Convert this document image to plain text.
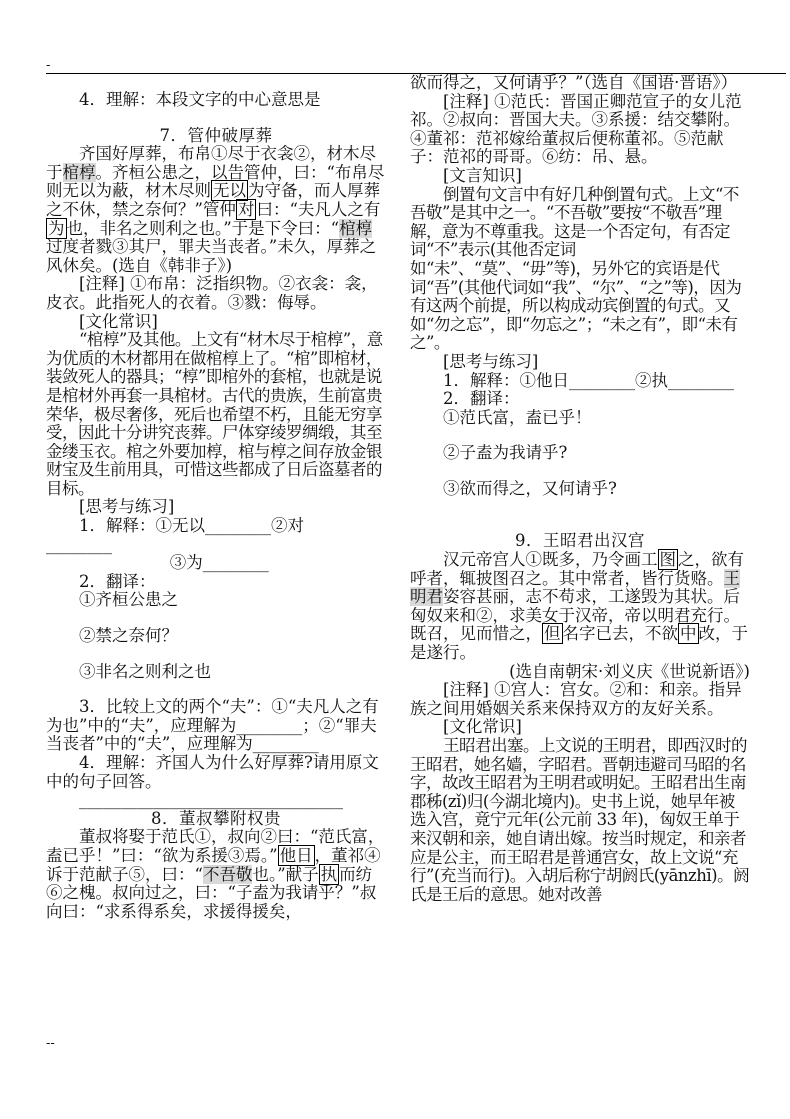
-
--

4．理解：本段文字的中心意思是

7．管仲破厚葬

齐国好厚葬，布帛①尽于衣衾②，材木尽于棺椁。齐桓公患之，以告管仲，曰：“布帛尽则无以为蔽，材木尽则 无以 为守备，而人厚葬之不休，禁之奈何？”管仲 对 曰：“夫凡人之有为 也，非名之则利之也。”于是下令曰：“棺椁过度者戮③其尸，罪夫当丧者。”未久，厚葬之风休矣。(选自《韩非子》)

[注释] ①布帛：泛指织物。②衣衾：衾，皮衣。此指死人的衣着。③戮：侮辱。

[文化常识]

“棺椁”及其他。上文有“材木尽于棺椁”，意为优质的木材都用在做棺椁上了。“棺”即棺材，装敛死人的器具；“椁”即棺外的套棺，也就是说是棺材外再套一具棺材。古代的贵族，生前富贵荣华，极尽奢侈，死后也希望不朽，且能无穷享受，因此十分讲究丧葬。尸体穿绫罗绸缎，其至金缕玉衣。棺之外要加椁，棺与椁之间存放金银财宝及生前用具，可惜这些都成了日后盗墓者的目标。

[思考与练习]

1．解释：①无以________②对

________

③为________

2．翻译：

①齐桓公患之

②禁之奈何？

③非名之则利之也

3．比较上文的两个“夫”：①“夫凡人之有为也”中的“夫”，应理解为________；②“罪夫当丧者”中的“夫”，应理解为________

4．理解：齐国人为什么好厚葬?请用原文中的句子回答。

________________________________

8．董叔攀附权贵

董叔将娶于范氏①，叔向②曰：“范氏富，盍已乎！”曰：“欲为系援③焉。” 他日 ，董祁④诉于范献子⑤，曰：“不吾敬也。”献子 执 而纺⑥之槐。叔向过之，曰：“子盍为我请乎？”叔向曰：“求系得系矣，求援得援矣，

欲而得之，又何请乎？”（选自《国语·晋语》）

[注释] ①范氏：晋国正卿范宣子的女儿范祁。②叔向：晋国大夫。③系援：结交攀附。④董祁：范祁嫁给董叔后便称董祁。⑤范献子：范祁的哥哥。⑥纺：吊、悬。

[文言知识]

倒置句文言中有好几种倒置句式。上文“不吾敬”是其中之一。“不吾敬”要按“不敬吾”理解，意为不尊重我。这是一个否定句，有否定词“不”表示(其他否定词如“未”、“莫”、“毋”等)，另外它的宾语是代词“吾”(其他代词如“我”、“尔”、“之”等)，因为有这两个前提，所以构成动宾倒置的句式。又如“勿之忘”，即“勿忘之”；“未之有”，即“未有之”。

[思考与练习]

1．解释：①他日________②执________

2．翻译：

①范氏富，盍已乎！

②子盍为我请乎?

③欲而得之，又何请乎?

9．王昭君出汉宫

汉元帝宫人①既多，乃令画工 图 之，欲有呼者，辄披图召之。其中常者，皆行货赂。王明君姿容甚丽，志不苟求，工遂毁为其状。后匈奴来和②，求美女于汉帝，帝以明君充行。既召，见而惜之， 但 名字已去，不欲 中 改，于是遂行。

(选自南朝宋·刘义庆《世说新语》)

[注释] ①宫人：宫女。②和：和亲。指异族之间用婚姻关系来保持双方的友好关系。

[文化常识]

王昭君出塞。上文说的王明君，即西汉时的王昭君，她名嫱，字昭君。晋朝违避司马昭的名字，故改王昭君为王明君或明妃。王昭君出生南郡秭(zǐ)归(今湖北境内)。史书上说，她早年被选入宫，竟宁元年(公元前 33 年)，匈奴王单于来汉朝和亲，她自请出嫁。按当时规定，和亲者应是公主，而王昭君是普通宫女，故上文说“充行”(充当而行)。入胡后称宁胡阏氏(yānzhī)。阏氏是王后的意思。她对改善
